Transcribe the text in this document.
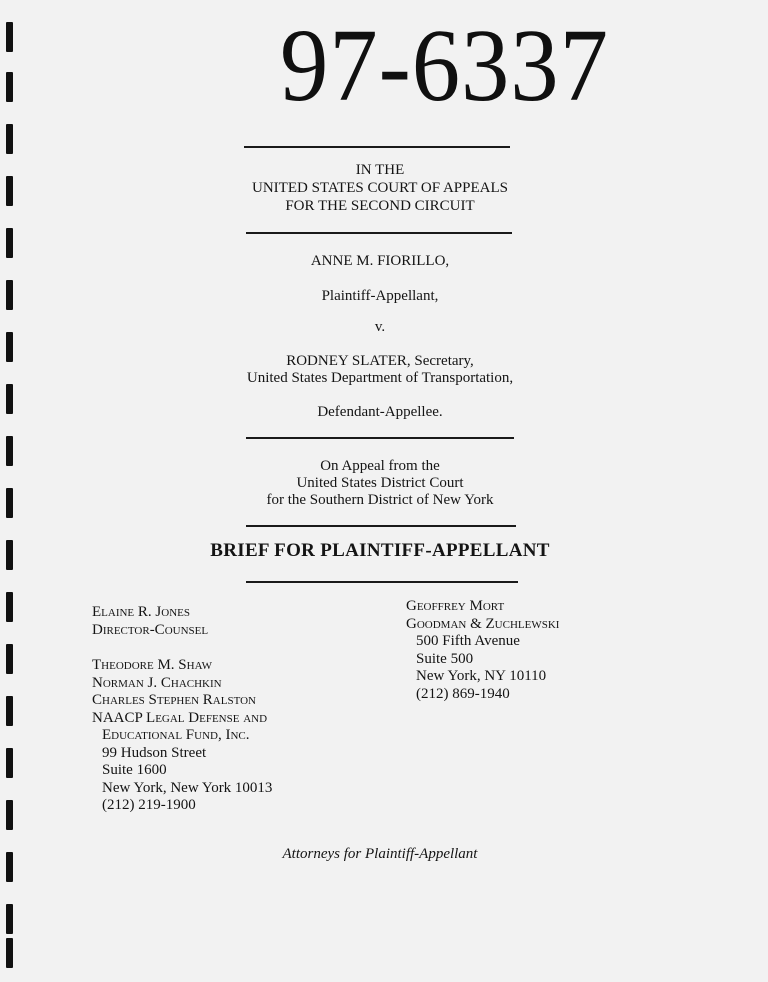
97-6337
IN THE
UNITED STATES COURT OF APPEALS
FOR THE SECOND CIRCUIT
ANNE M. FIORILLO,
Plaintiff-Appellant,
v.
RODNEY SLATER, Secretary,
United States Department of Transportation,
Defendant-Appellee.
On Appeal from the
United States District Court
for the Southern District of New York
BRIEF FOR PLAINTIFF-APPELLANT
Elaine R. Jones
Director-Counsel
Theodore M. Shaw
Norman J. Chachkin
Charles Stephen Ralston
NAACP Legal Defense and
Educational Fund, Inc.
99 Hudson Street
Suite 1600
New York, New York 10013
(212) 219-1900
Geoffrey Mort
Goodman & Zuchlewski
500 Fifth Avenue
Suite 500
New York, NY 10110
(212) 869-1940
Attorneys for Plaintiff-Appellant
